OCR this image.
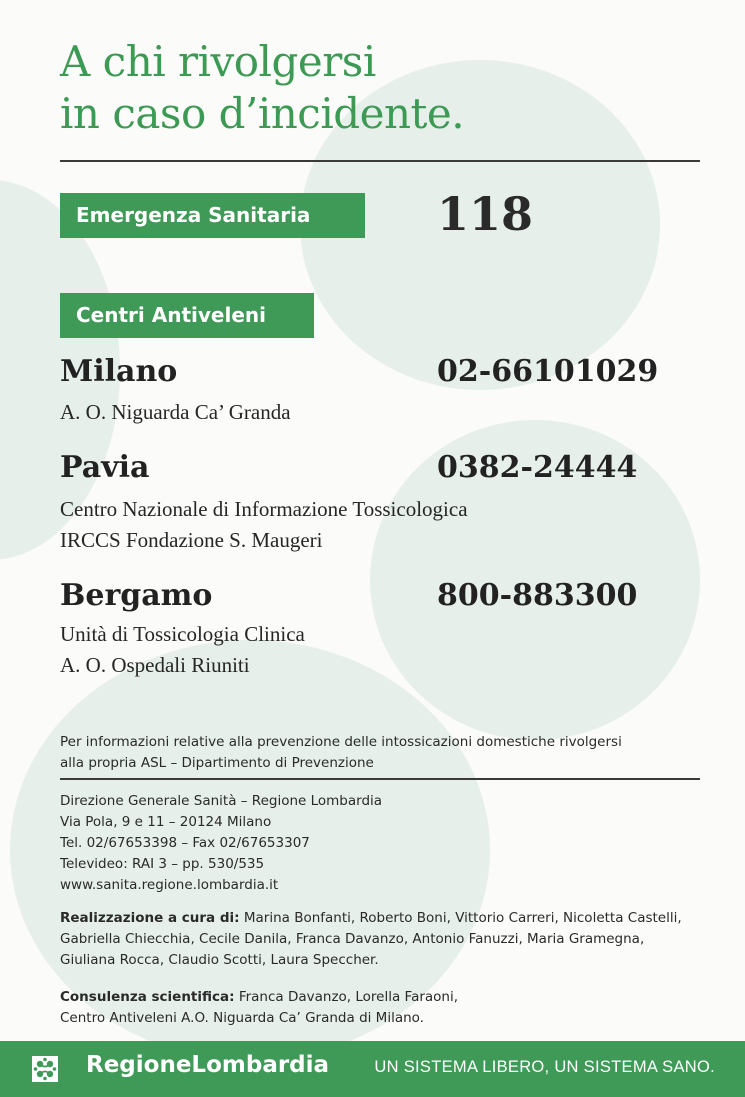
A chi rivolgersi
in caso d’incidente.
Emergenza Sanitaria	118
Centri Antiveleni
Milano	02-66101029
A. O. Niguarda Ca’ Granda
Pavia	0382-24444
Centro Nazionale di Informazione Tossicologica
IRCCS Fondazione S. Maugeri
Bergamo	800-883300
Unità di Tossicologia Clinica
A. O. Ospedali Riuniti
Per informazioni relative alla prevenzione delle intossicazioni domestiche rivolgersi
alla propria ASL – Dipartimento di Prevenzione
Direzione Generale Sanità – Regione Lombardia
Via Pola, 9 e 11 – 20124 Milano
Tel. 02/67653398 – Fax 02/67653307
Televideo: RAI 3 – pp. 530/535
www.sanita.regione.lombardia.it
Realizzazione a cura di: Marina Bonfanti, Roberto Boni, Vittorio Carreri, Nicoletta Castelli,
Gabriella Chiecchia, Cecile Danila, Franca Davanzo, Antonio Fanuzzi, Maria Gramegna,
Giuliana Rocca, Claudio Scotti, Laura Speccher.
Consulenza scientifica: Franca Davanzo, Lorella Faraoni,
Centro Antiveleni A.O. Niguarda Ca’ Granda di Milano.
RegioneLombardia	UN SISTEMA LIBERO, UN SISTEMA SANO.
